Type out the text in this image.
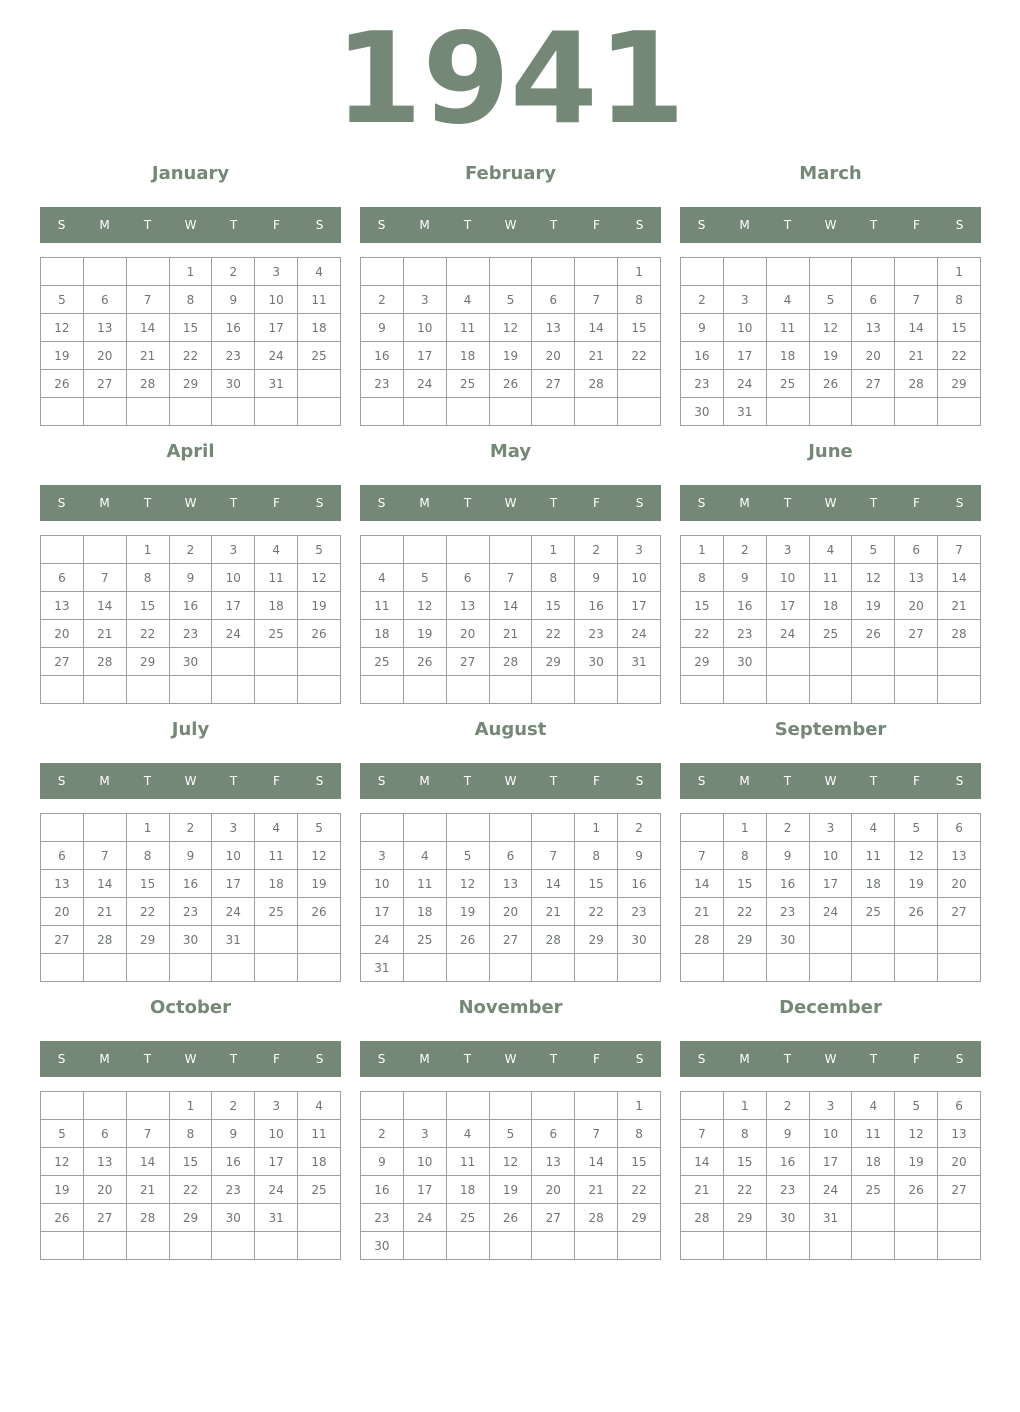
1941
January
S	M	T	W	T	F	S
			1	2	3	4
5	6	7	8	9	10	11
12	13	14	15	16	17	18
19	20	21	22	23	24	25
26	27	28	29	30	31	

February
S	M	T	W	T	F	S
						1
2	3	4	5	6	7	8
9	10	11	12	13	14	15
16	17	18	19	20	21	22
23	24	25	26	27	28	

March
S	M	T	W	T	F	S
						1
2	3	4	5	6	7	8
9	10	11	12	13	14	15
16	17	18	19	20	21	22
23	24	25	26	27	28	29
30	31					
April
S	M	T	W	T	F	S
		1	2	3	4	5
6	7	8	9	10	11	12
13	14	15	16	17	18	19
20	21	22	23	24	25	26
27	28	29	30			

May
S	M	T	W	T	F	S
				1	2	3
4	5	6	7	8	9	10
11	12	13	14	15	16	17
18	19	20	21	22	23	24
25	26	27	28	29	30	31

June
S	M	T	W	T	F	S
1	2	3	4	5	6	7
8	9	10	11	12	13	14
15	16	17	18	19	20	21
22	23	24	25	26	27	28
29	30					

July
S	M	T	W	T	F	S
		1	2	3	4	5
6	7	8	9	10	11	12
13	14	15	16	17	18	19
20	21	22	23	24	25	26
27	28	29	30	31		

August
S	M	T	W	T	F	S
					1	2
3	4	5	6	7	8	9
10	11	12	13	14	15	16
17	18	19	20	21	22	23
24	25	26	27	28	29	30
31						
September
S	M	T	W	T	F	S
	1	2	3	4	5	6
7	8	9	10	11	12	13
14	15	16	17	18	19	20
21	22	23	24	25	26	27
28	29	30				

October
S	M	T	W	T	F	S
			1	2	3	4
5	6	7	8	9	10	11
12	13	14	15	16	17	18
19	20	21	22	23	24	25
26	27	28	29	30	31	

November
S	M	T	W	T	F	S
						1
2	3	4	5	6	7	8
9	10	11	12	13	14	15
16	17	18	19	20	21	22
23	24	25	26	27	28	29
30						
December
S	M	T	W	T	F	S
	1	2	3	4	5	6
7	8	9	10	11	12	13
14	15	16	17	18	19	20
21	22	23	24	25	26	27
28	29	30	31			
